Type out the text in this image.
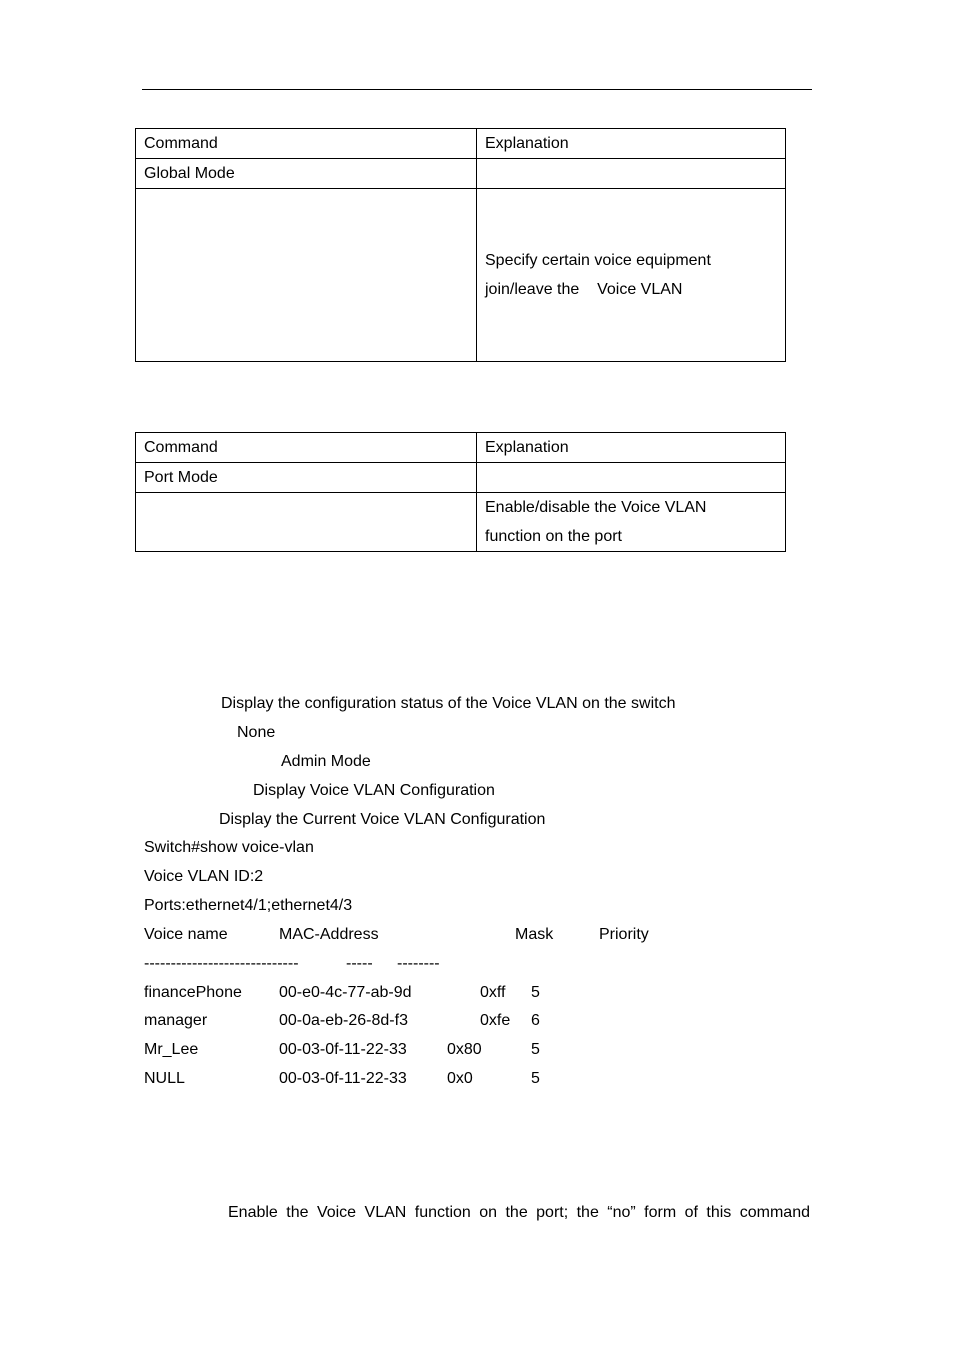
Command	Explanation
Global Mode	

	Specify certain voice equipment
join/leave the    Voice VLAN
Command	Explanation
Port Mode	

	Enable/disable the Voice VLAN
function on the port
Display the configuration status of the Voice VLAN on the switch
None
Admin Mode
Display Voice VLAN Configuration
Display the Current Voice VLAN Configuration
Switch#show voice-vlan
Voice VLAN ID:2
Ports:ethernet4/1;ethernet4/3
Voice name	MAC-Address	Mask	Priority
-----------------------------	----- --------
financePhone 00-e0-4c-77-ab-9d	0xff 5
manager	00-0a-eb-26-8d-f3	0xfe 6
Mr_Lee	00-03-0f-11-22-33	0x80	5
NULL	00-03-0f-11-22-33	0x0	5
Enable the Voice VLAN function on the port; the “no” form of this command
